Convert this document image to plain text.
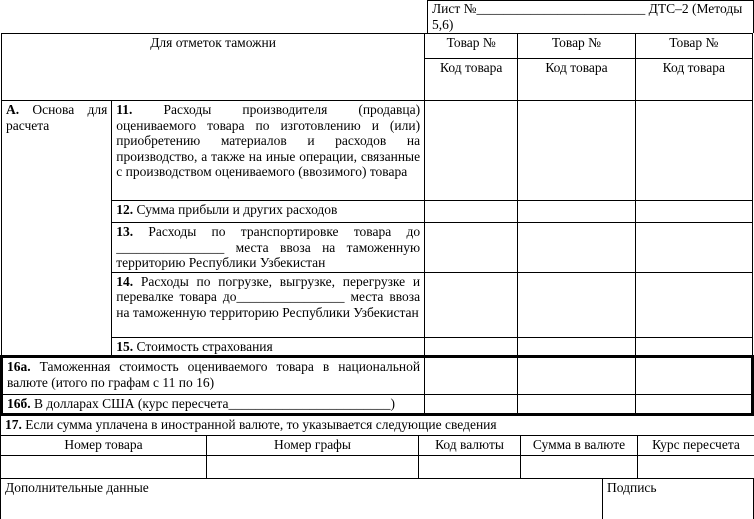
Лист №_________________________ ДТС–2 (Методы 5,6)
Для отметок таможни		Товар №	Товар №	Товар №
		Код товара	Код товара	Код товара
А. Основа для расчета	11. Расходы производителя (продавца) оцениваемого товара по изготовлению и (или) приобретению материалов и расходов на производство, а также на иные операции, связанные с производством оцениваемого (ввозимого) товара			
	12. Сумма прибыли и других расходов			
	13. Расходы по транспортировке товара до ________________ места ввоза на таможенную территорию Республики Узбекистан			
	14. Расходы по погрузке, выгрузке, перегрузке и перевалке товара до________________ места ввоза на таможенную территорию Республики Узбекистан			
	15. Стоимость страхования			
16а. Таможенная стоимость оцениваемого товара в национальной валюте (итого по графам с 11 по 16)				
16б. В долларах США (курс пересчета________________________)				
17. Если сумма уплачена в иностранной валюте, то указывается следующие сведения				
Номер товара	Номер графы	Код валюты	Сумма в валюте	Курс пересчета

Дополнительные данные	Подпись
